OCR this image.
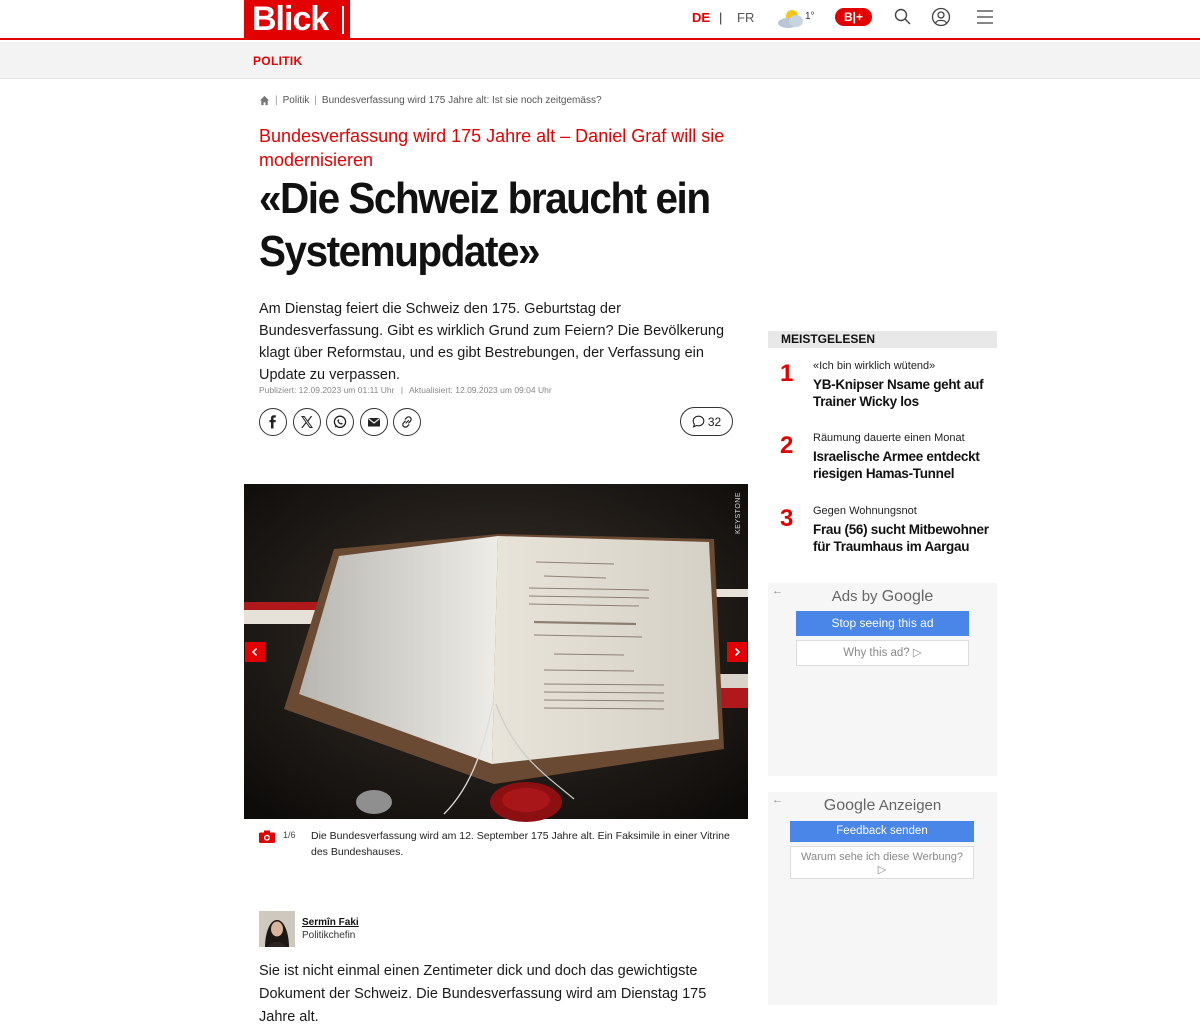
Blick	DE | FR	1°	B|+
POLITIK
| Politik | Bundesverfassung wird 175 Jahre alt: Ist sie noch zeitgemäss?
Bundesverfassung wird 175 Jahre alt – Daniel Graf will sie modernisieren
«Die Schweiz braucht ein Systemupdate»

Am Dienstag feiert die Schweiz den 175. Geburtstag der Bundesverfassung. Gibt es wirklich Grund zum Feiern? Die Bevölkerung klagt über Reformstau, und es gibt Bestrebungen, der Verfassung ein Update zu verpassen.

Publiziert: 12.09.2023 um 01:11 Uhr | Aktualisiert: 12.09.2023 um 09:04 Uhr
32
KEYSTONE
1/6 Die Bundesverfassung wird am 12. September 175 Jahre alt. Ein Faksimile in einer Vitrine des Bundeshauses.

Sermîn Faki
Politikchefin

Sie ist nicht einmal einen Zentimeter dick und doch das gewichtigste Dokument der Schweiz. Die Bundesverfassung wird am Dienstag 175 Jahre alt.

MEISTGELESEN
1 «Ich bin wirklich wütend»
YB-Knipser Nsame geht auf Trainer Wicky los
2 Räumung dauerte einen Monat
Israelische Armee entdeckt riesigen Hamas-Tunnel
3 Gegen Wohnungsnot
Frau (56) sucht Mitbewohner für Traumhaus im Aargau
←	Ads by Google
Stop seeing this ad
Why this ad? ▷
←	Google Anzeigen
Feedback senden
Warum sehe ich diese Werbung?
▷
